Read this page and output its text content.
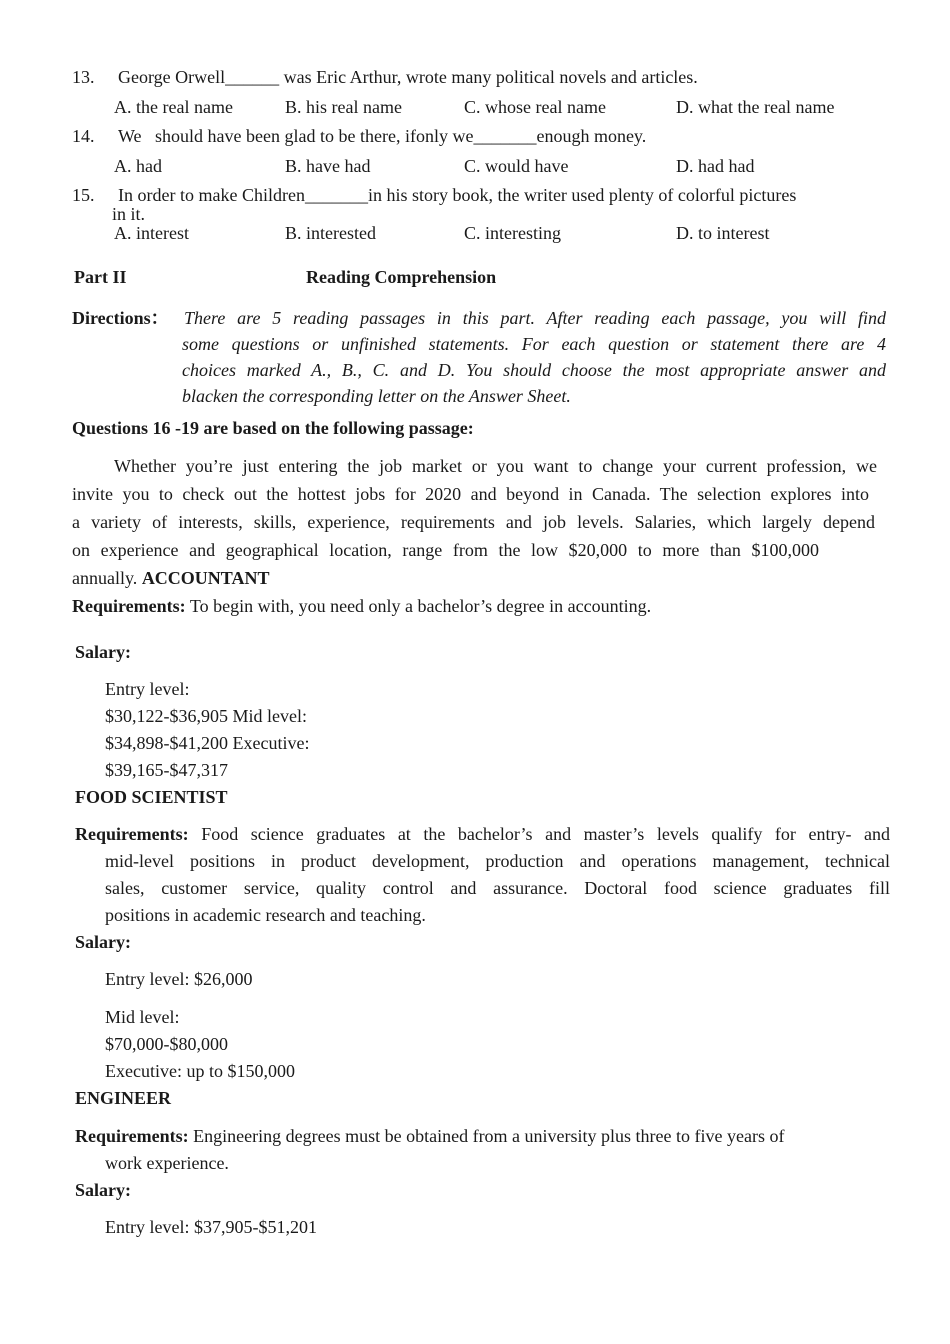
13. George Orwell______ was Eric Arthur, wrote many political novels and articles.
A. the real name	B. his real name	C. whose real name	D. what the real name
14. We   should have been glad to be there, ifonly we_______enough money.
A. had	B. have had	C. would have	D. had had
15. In order to make Children_______in his story book, the writer used plenty of colorful pictures
in it.
A. interest	B. interested	C. interesting	D. to interest
Part II	Reading Comprehension
Directions： There are 5 reading passages in this part. After reading each passage, you will find
some questions or unfinished statements. For each question or statement there are 4
choices marked A., B., C. and D. You should choose the most appropriate answer and
blacken the corresponding letter on the Answer Sheet.
Questions 16 -19 are based on the following passage:
Whether you’re just entering the job market or you want to change your current profession, we
invite you to check out the hottest jobs for 2020 and beyond in Canada. The selection explores into
a variety of interests, skills, experience, requirements and job levels. Salaries, which largely depend
on experience and geographical location, range from the low $20,000 to more than $100,000
annually. ACCOUNTANT
Requirements: To begin with, you need only a bachelor’s degree in accounting.
Salary:
Entry level:
$30,122-$36,905 Mid level:
$34,898-$41,200 Executive:
$39,165-$47,317
FOOD SCIENTIST
Requirements: Food science graduates at the bachelor’s and master’s levels qualify for entry- and
mid-level positions in product development, production and operations management, technical
sales, customer service, quality control and assurance. Doctoral food science graduates fill
positions in academic research and teaching.
Salary:
Entry level: $26,000
Mid level:
$70,000-$80,000
Executive: up to $150,000
ENGINEER
Requirements: Engineering degrees must be obtained from a university plus three to five years of
work experience.
Salary:
Entry level: $37,905-$51,201
